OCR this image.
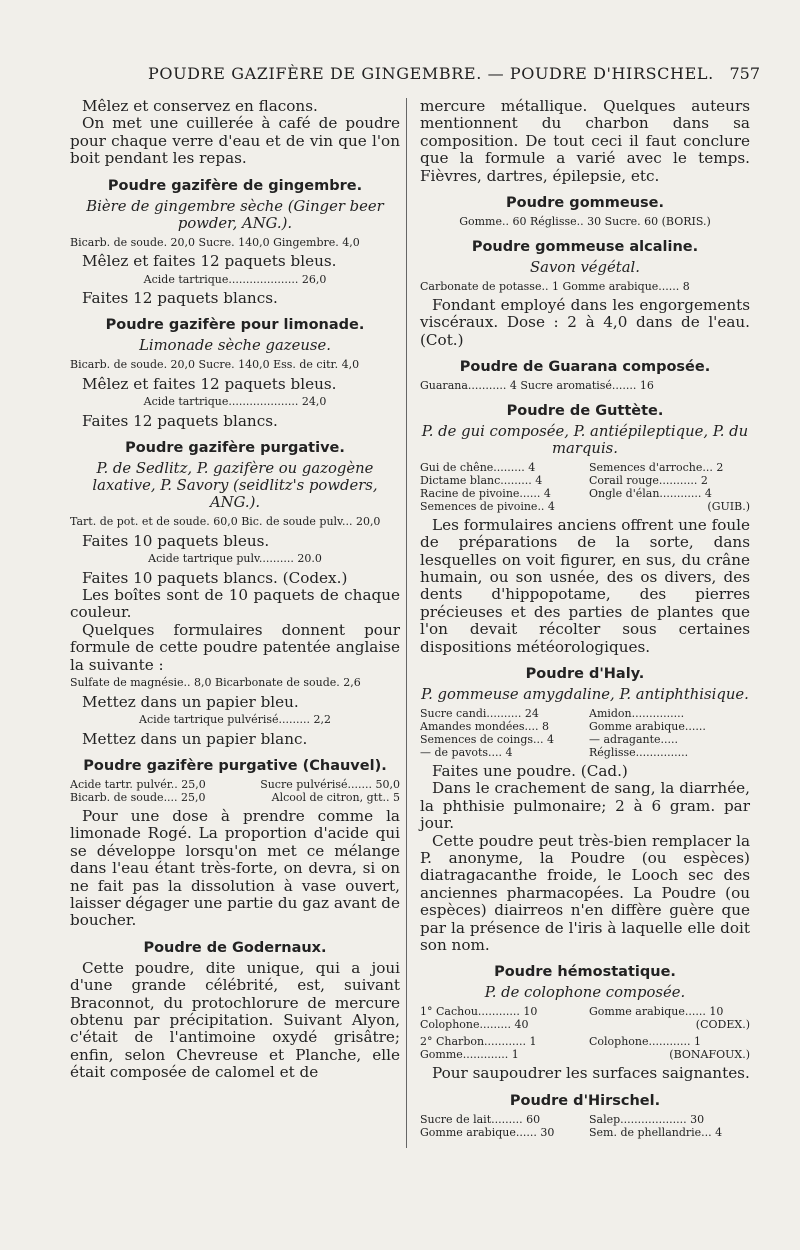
POUDRE GAZIFÈRE DE GINGEMBRE. — POUDRE D'HIRSCHEL. 757

Mêlez et conservez en flacons.

On met une cuillerée à café de poudre pour chaque verre d'eau et de vin que l'on boit pendant les repas.

Poudre gazifère de gingembre.
Bière de gingembre sèche (Ginger beer powder, ANG.).
Bicarb. de soude. 20,0 Sucre. 140,0 Gingembre. 4,0

Mêlez et faites 12 paquets bleus.

Acide tartrique.................... 26,0

Faites 12 paquets blancs.

Poudre gazifère pour limonade.
Limonade sèche gazeuse.
Bicarb. de soude. 20,0 Sucre. 140,0 Ess. de citr. 4,0

Mêlez et faites 12 paquets bleus.

Acide tartrique.................... 24,0

Faites 12 paquets blancs.

Poudre gazifère purgative.
P. de Sedlitz, P. gazifère ou gazogène laxative, P. Savory (seidlitz's powders, ANG.).
Tart. de pot. et de soude. 60,0 Bic. de soude pulv... 20,0

Faites 10 paquets bleus.

Acide tartrique pulv.......... 20.0

Faites 10 paquets blancs. (Codex.)

Les boîtes sont de 10 paquets de chaque couleur.

Quelques formulaires donnent pour formule de cette poudre patentée anglaise la suivante :

Sulfate de magnésie.. 8,0 Bicarbonate de soude. 2,6

Mettez dans un papier bleu.

Acide tartrique pulvérisé......... 2,2

Mettez dans un papier blanc.

Poudre gazifère purgative (Chauvel).
Acide tartr. pulvér.. 25,0	Sucre pulvérisé....... 50,0
Bicarb. de soude.... 25,0	Alcool de citron, gtt.. 5

Pour une dose à prendre comme la limonade Rogé. La proportion d'acide qui se développe lorsqu'on met ce mélange dans l'eau étant très-forte, on devra, si on ne fait pas la dissolution à vase ouvert, laisser dégager une partie du gaz avant de boucher.

Poudre de Godernaux.

Cette poudre, dite unique, qui a joui d'une grande célébrité, est, suivant Braconnot, du protochlorure de mercure obtenu par précipitation. Suivant Alyon, c'était de l'antimoine oxydé grisâtre; enfin, selon Chevreuse et Planche, elle était composée de calomel et de

mercure métallique. Quelques auteurs mentionnent du charbon dans sa composition. De tout ceci il faut conclure que la formule a varié avec le temps. Fièvres, dartres, épilepsie, etc.

Poudre gommeuse.
Gomme.. 60 Réglisse.. 30 Sucre. 60 (BORIS.)
Poudre gommeuse alcaline.
Savon végétal.
Carbonate de potasse.. 1 Gomme arabique...... 8

Fondant employé dans les engorgements viscéraux. Dose : 2 à 4,0 dans de l'eau. (Cot.)

Poudre de Guarana composée.
Guarana........... 4 Sucre aromatisé....... 16
Poudre de Guttète.
P. de gui composée, P. antiépileptique, P. du marquis.
Gui de chêne......... 4	Semences d'arroche... 2
Dictame blanc......... 4	Corail rouge........... 2
Racine de pivoine...... 4	Ongle d'élan............ 4
Semences de pivoine.. 4	(GUIB.)

Les formulaires anciens offrent une foule de préparations de la sorte, dans lesquelles on voit figurer, en sus, du crâne humain, ou son usnée, des os divers, des dents d'hippopotame, des pierres précieuses et des parties de plantes que l'on devait récolter sous certaines dispositions météorologiques.

Poudre d'Haly.
P. gommeuse amygdaline, P. antiphthisique.
Sucre candi.......... 24	Amidon...............
Amandes mondées.... 8	Gomme arabique......
Semences de coings... 4	— adragante.....
— de pavots.... 4	Réglisse...............

Faites une poudre. (Cad.)

Dans le crachement de sang, la diarrhée, la phthisie pulmonaire; 2 à 6 gram. par jour.

Cette poudre peut très-bien remplacer la P. anonyme, la Poudre (ou espèces) diatragacanthe froide, le Looch sec des anciennes pharmacopées. La Poudre (ou espèces) diairreos n'en diffère guère que par la présence de l'iris à laquelle elle doit son nom.

Poudre hémostatique.
P. de colophone composée.
1° Cachou............ 10	Gomme arabique...... 10
Colophone......... 40	(CODEX.)
2° Charbon............ 1	Colophone............ 1
Gomme............. 1	(BONAFOUX.)

Pour saupoudrer les surfaces saignantes.

Poudre d'Hirschel.
Sucre de lait......... 60	Salep................... 30
Gomme arabique...... 30	Sem. de phellandrie... 4
